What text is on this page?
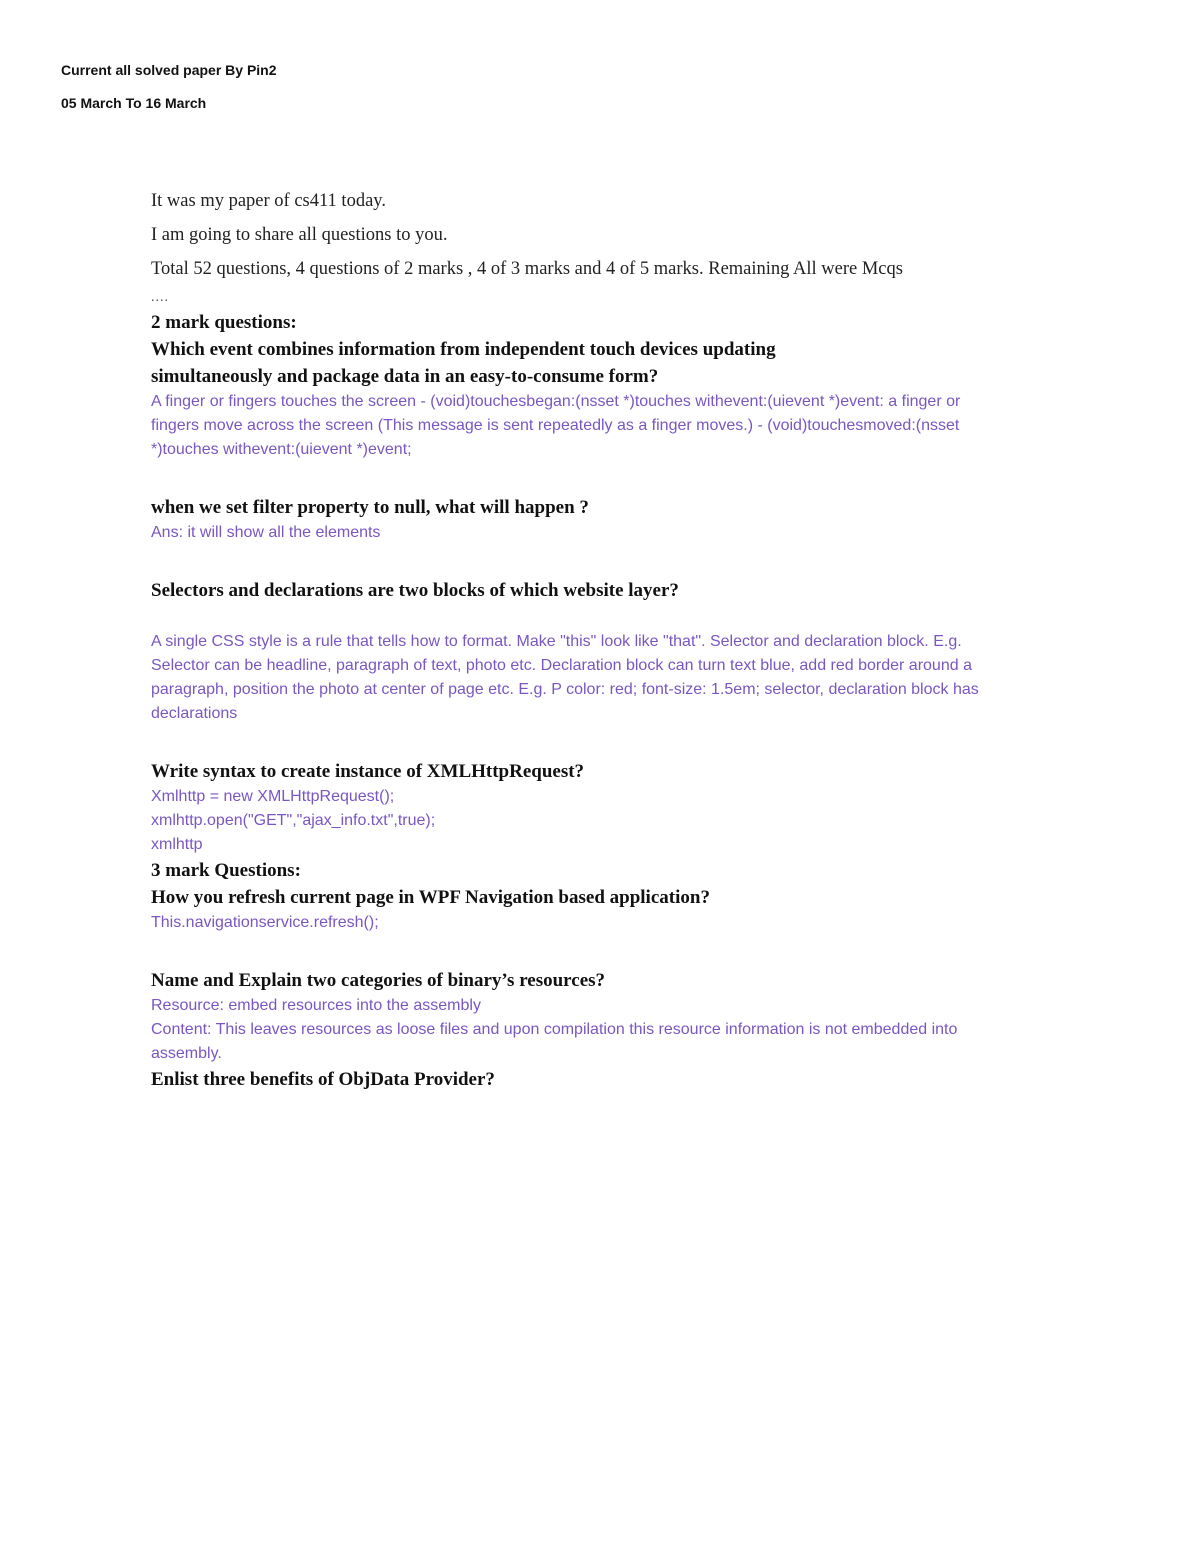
Current all solved paper By Pin2
05 March To 16 March

It was my paper of cs411 today.

I am going to share all questions to you.

Total 52 questions, 4 questions of 2 marks , 4 of 3 marks and 4 of 5 marks. Remaining All were Mcqs

....

2 mark questions:

Which event combines information from independent touch devices updating simultaneously and package data in an easy-to-consume form?

A finger or fingers touches the screen - (void)touchesbegan:(nsset *)touches withevent:(uievent *)event: a finger or fingers move across the screen (This message is sent repeatedly as a finger moves.) - (void)touchesmoved:(nsset *)touches withevent:(uievent *)event;

when we set filter property to null, what will happen ?

Ans: it will show all the elements

Selectors and declarations are two blocks of which website layer?

A single CSS style is a rule that tells how to format. Make "this" look like "that". Selector and declaration block. E.g. Selector can be headline, paragraph of text, photo etc. Declaration block can turn text blue, add red border around a paragraph, position the photo at center of page etc. E.g. P color: red; font-size: 1.5em; selector, declaration block has declarations

Write syntax to create instance of XMLHttpRequest?

Xmlhttp = new XMLHttpRequest();

xmlhttp.open("GET","ajax_info.txt",true);

xmlhttp

3 mark Questions:

How you refresh current page in WPF Navigation based application?

This.navigationservice.refresh();

Name and Explain two categories of binary’s resources?

Resource: embed resources into the assembly

Content: This leaves resources as loose files and upon compilation this resource information is not embedded into assembly.

Enlist three benefits of ObjData Provider?
